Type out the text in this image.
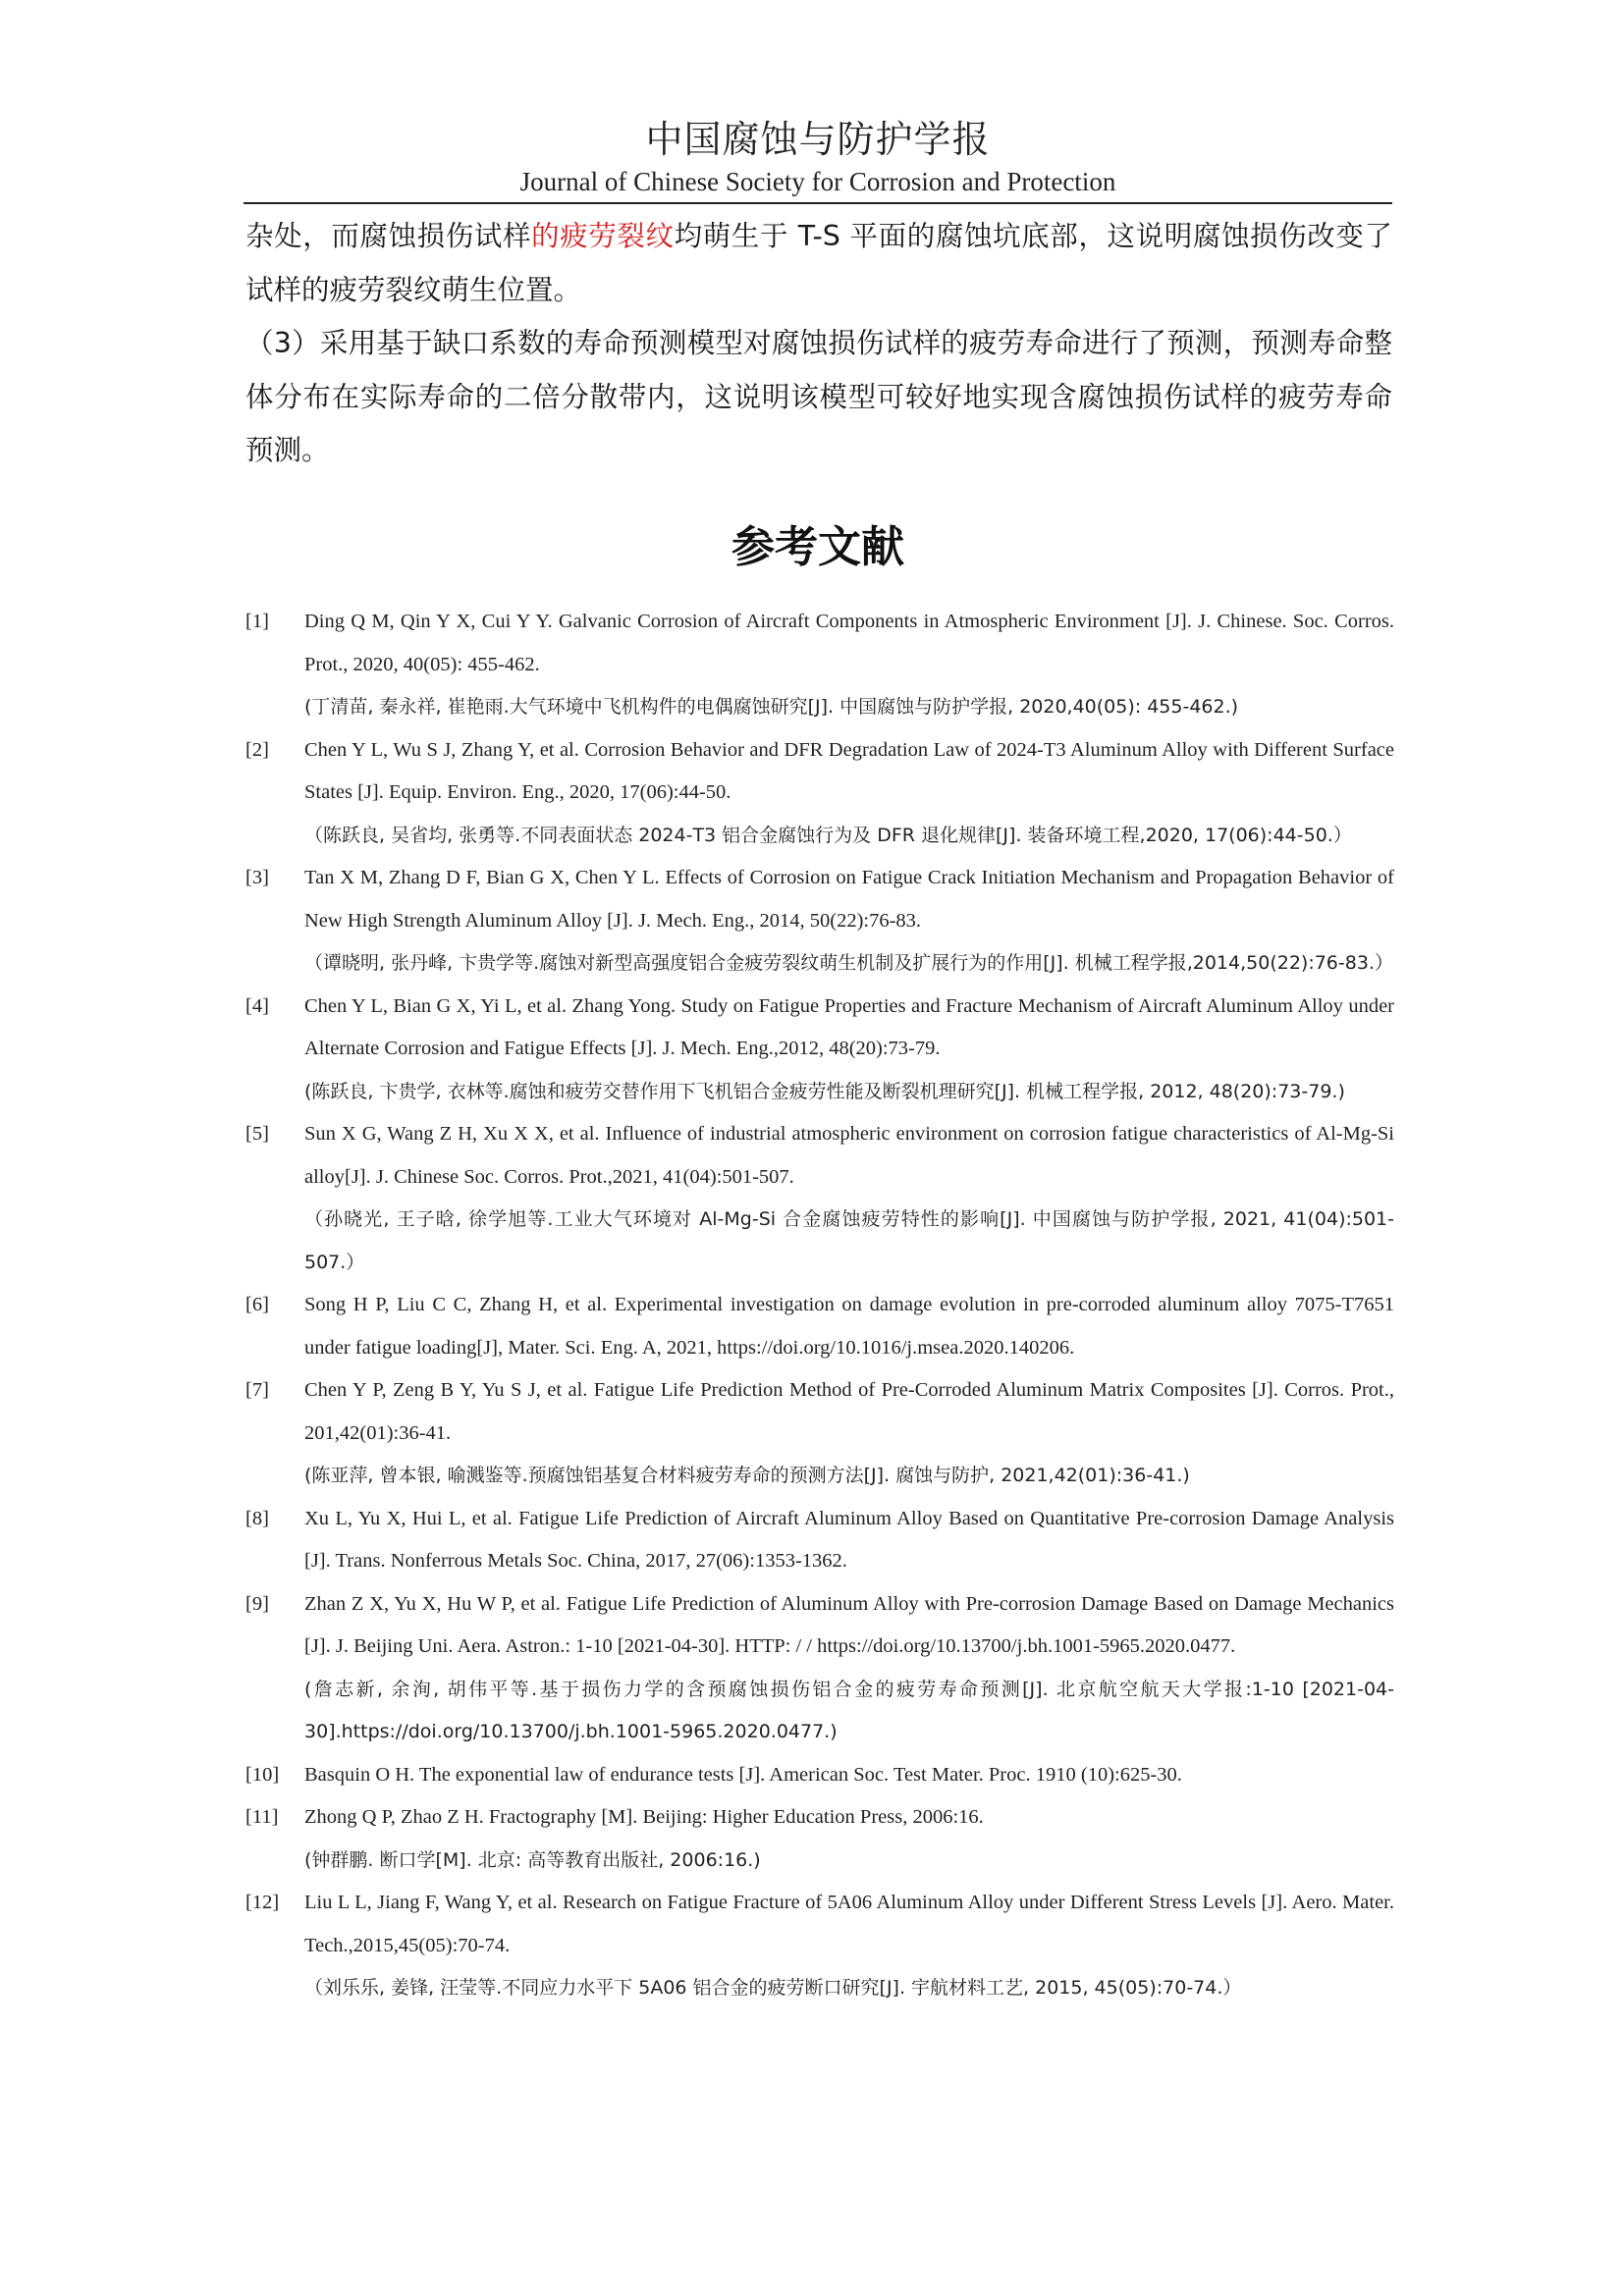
中国腐蚀与防护学报
Journal of Chinese Society for Corrosion and Protection

杂处，而腐蚀损伤试样的疲劳裂纹均萌生于 T-S 平面的腐蚀坑底部，这说明腐蚀损伤改变了试样的疲劳裂纹萌生位置。

（3）采用基于缺口系数的寿命预测模型对腐蚀损伤试样的疲劳寿命进行了预测，预测寿命整体分布在实际寿命的二倍分散带内，这说明该模型可较好地实现含腐蚀损伤试样的疲劳寿命预测。

参考文献
[1]	Ding Q M, Qin Y X, Cui Y Y. Galvanic Corrosion of Aircraft Components in Atmospheric Environment [J]. J. Chinese. Soc. Corros. Prot., 2020, 40(05): 455-462.

(丁清苗, 秦永祥, 崔艳雨.大气环境中飞机构件的电偶腐蚀研究[J]. 中国腐蚀与防护学报, 2020,40(05): 455-462.)

[2]	Chen Y L, Wu S J, Zhang Y, et al. Corrosion Behavior and DFR Degradation Law of 2024-T3 Aluminum Alloy with Different Surface States [J]. Equip. Environ. Eng., 2020, 17(06):44-50.

（陈跃良, 吴省均, 张勇等.不同表面状态 2024-T3 铝合金腐蚀行为及 DFR 退化规律[J]. 装备环境工程,2020, 17(06):44-50.）

[3]	Tan X M, Zhang D F, Bian G X, Chen Y L. Effects of Corrosion on Fatigue Crack Initiation Mechanism and Propagation Behavior of New High Strength Aluminum Alloy [J]. J. Mech. Eng., 2014, 50(22):76-83.

（谭晓明, 张丹峰, 卞贵学等.腐蚀对新型高强度铝合金疲劳裂纹萌生机制及扩展行为的作用[J]. 机械工程学报,2014,50(22):76-83.）

[4]	Chen Y L, Bian G X, Yi L, et al. Zhang Yong. Study on Fatigue Properties and Fracture Mechanism of Aircraft Aluminum Alloy under Alternate Corrosion and Fatigue Effects [J]. J. Mech. Eng.,2012, 48(20):73-79.

(陈跃良, 卞贵学, 衣林等.腐蚀和疲劳交替作用下飞机铝合金疲劳性能及断裂机理研究[J]. 机械工程学报, 2012, 48(20):73-79.)

[5]	Sun X G, Wang Z H, Xu X X, et al. Influence of industrial atmospheric environment on corrosion fatigue characteristics of Al-Mg-Si alloy[J]. J. Chinese Soc. Corros. Prot.,2021, 41(04):501-507.

（孙晓光, 王子晗, 徐学旭等.工业大气环境对 Al-Mg-Si 合金腐蚀疲劳特性的影响[J]. 中国腐蚀与防护学报, 2021, 41(04):501-507.）

[6]	Song H P, Liu C C, Zhang H, et al. Experimental investigation on damage evolution in pre-corroded aluminum alloy 7075-T7651 under fatigue loading[J], Mater. Sci. Eng. A, 2021, https://doi.org/10.1016/j.msea.2020.140206.

[7]	Chen Y P, Zeng B Y, Yu S J, et al. Fatigue Life Prediction Method of Pre-Corroded Aluminum Matrix Composites [J]. Corros. Prot., 201,42(01):36-41.

(陈亚萍, 曾本银, 喻溅鉴等.预腐蚀铝基复合材料疲劳寿命的预测方法[J]. 腐蚀与防护, 2021,42(01):36-41.)

[8]	Xu L, Yu X, Hui L, et al. Fatigue Life Prediction of Aircraft Aluminum Alloy Based on Quantitative Pre-corrosion Damage Analysis [J]. Trans. Nonferrous Metals Soc. China, 2017, 27(06):1353-1362.

[9]	Zhan Z X, Yu X, Hu W P, et al. Fatigue Life Prediction of Aluminum Alloy with Pre-corrosion Damage Based on Damage Mechanics [J]. J. Beijing Uni. Aera. Astron.: 1-10 [2021-04-30]. HTTP: / / https://doi.org/10.13700/j.bh.1001-5965.2020.0477.

(詹志新, 余洵, 胡伟平等.基于损伤力学的含预腐蚀损伤铝合金的疲劳寿命预测[J]. 北京航空航天大学报:1-10 [2021-04-30].https://doi.org/10.13700/j.bh.1001-5965.2020.0477.)

[10]	Basquin O H. The exponential law of endurance tests [J]. American Soc. Test Mater. Proc. 1910 (10):625-30.

[11]	Zhong Q P, Zhao Z H. Fractography [M]. Beijing: Higher Education Press, 2006:16.

(钟群鹏. 断口学[M]. 北京: 高等教育出版社, 2006:16.)

[12]	Liu L L, Jiang F, Wang Y, et al. Research on Fatigue Fracture of 5A06 Aluminum Alloy under Different Stress Levels [J]. Aero. Mater. Tech.,2015,45(05):70-74.

（刘乐乐, 姜锋, 汪莹等.不同应力水平下 5A06 铝合金的疲劳断口研究[J]. 宇航材料工艺, 2015, 45(05):70-74.）
